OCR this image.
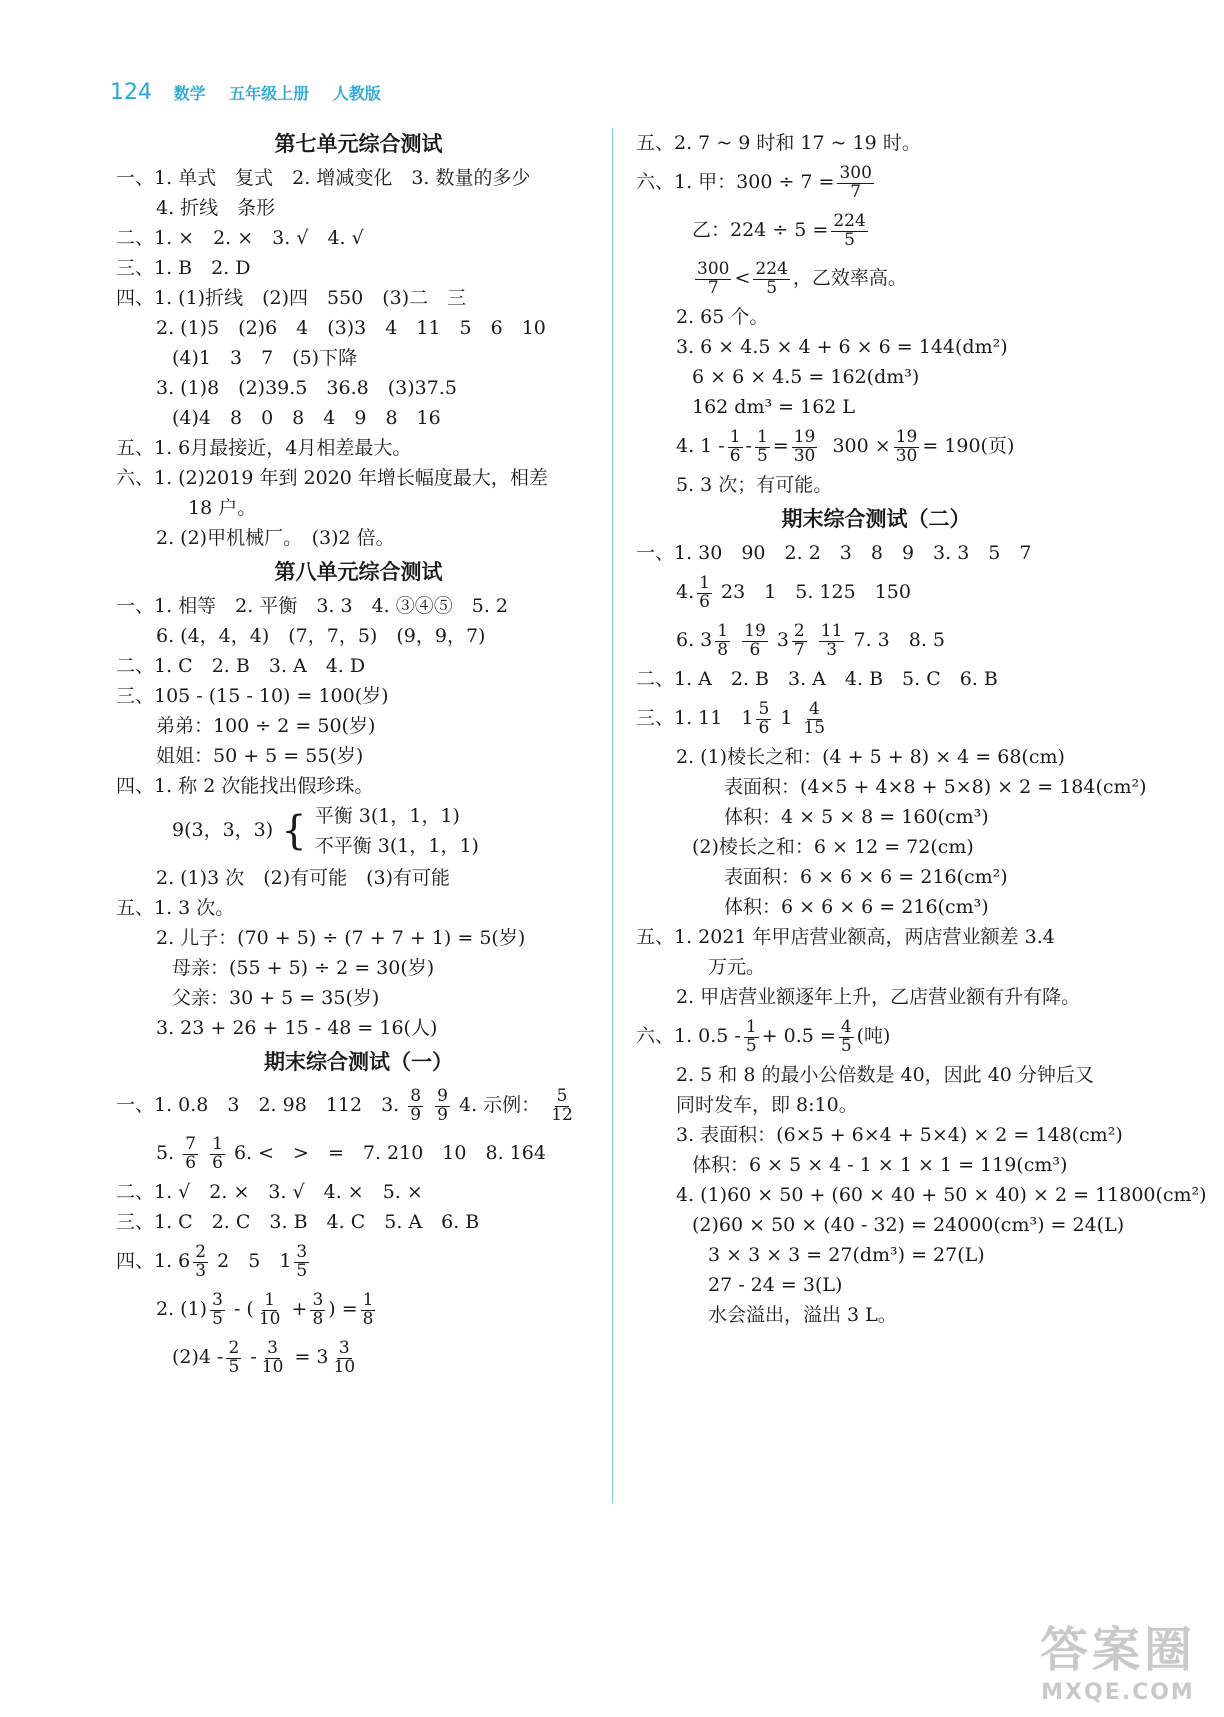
124 数学 五年级上册 人教版
第七单元综合测试
一、1. 单式　复式　2. 增减变化　3. 数量的多少
4. 折线　条形
二、1. ×　2. ×　3. √　4. √
三、1. B　2. D
四、1. (1)折线　(2)四　550　(3)二　三
2. (1)5　(2)6　4　(3)3　4　11　5　6　10
(4)1　3　7　(5)下降
3. (1)8　(2)39.5　36.8　(3)37.5
(4)4　8　0　8　4　9　8　16
五、1. 6月最接近，4月相差最大。
六、1. (2)2019 年到 2020 年增长幅度最大，相差
18 户。
2. (2)甲机械厂。　(3)2 倍。
第八单元综合测试
一、1. 相等　2. 平衡　3. 3　4. ③④⑤　5. 2
6. (4，4，4)　(7，7，5)　(9，9，7)
二、1. C　2. B　3. A　4. D
三、105 - (15 - 10) = 100(岁)
弟弟：100 ÷ 2 = 50(岁)
姐姐：50 + 5 = 55(岁)
四、1. 称 2 次能找出假珍珠。
9(3，3，3) { 平衡 3(1，1，1)
不平衡 3(1，1，1)
2. (1)3 次　(2)有可能　(3)有可能
五、1. 3 次。
2. 儿子：(70 + 5) ÷ (7 + 7 + 1) = 5(岁)
母亲：(55 + 5) ÷ 2 = 30(岁)
父亲：30 + 5 = 35(岁)
3. 23 + 26 + 15 - 48 = 16(人)
期末综合测试（一）
一、1. 0.8　3　2. 98　112　3. $\frac{8}{9}$
$\frac{9}{9} 4$. 示例： $\frac{5}{12}$
5. $\frac{7}{6}$
$\frac{1}{6} 6$. <　>　=　7. 210　10　8. 164
二、1. √　2. ×　3. √　4. ×　5. ×
三、1. C　2. C　3. B　4. C　5. A　6. B
四、1. $6 \frac{2}{3} 2$　5　$1 \frac{3}{5}$
2. $(1) \frac{3}{5}$ - ( $\frac{1}{10} + \frac{3}{8}$ ) = $\frac{1}{8}$
$(2)4 - \frac{2}{5} - \frac{3}{10} = 3 \frac{3}{10}$
五、2. 7 ~ 9 时和 17 ~ 19 时。
六、1. 甲：$300 \div 7 = \frac{300}{7}$
乙：$224 \div 5 = \frac{224}{5}$
$\frac{300}{7} < \frac{224}{5}$ ，乙效率高。
2. 65 个。
3. 6 × 4.5 × 4 + 6 × 6 = 144(dm²)
6 × 6 × 4.5 = 162(dm³)
162 dm³ = 162 L
4. $1 - \frac{1}{6} - \frac{1}{5} = \frac{19}{30} 300 \times \frac{19}{30} = 190$(页)
5. 3 次；有可能。
期末综合测试（二）
一、1. 30　90　2. 2　3　8　9　3. 3　5　7
4. $\frac{1}{6} 23$　1　5. 125　150
6. $3 \frac{1}{8}$
$\frac{19}{6} 3 \frac{2}{7}$
$\frac{11}{3} 7$. 3　8. 5
二、1. A　2. B　3. A　4. B　5. C　6. B
三、1. 11　$1 \frac{5}{6} 1 \frac{4}{15}$
2. (1)棱长之和：(4 + 5 + 8) × 4 = 68(cm)
表面积：(4×5 + 4×8 + 5×8) × 2 = 184(cm²)
体积：4 × 5 × 8 = 160(cm³)
(2)棱长之和：6 × 12 = 72(cm)
表面积：6 × 6 × 6 = 216(cm²)
体积：6 × 6 × 6 = 216(cm³)
五、1. 2021 年甲店营业额高，两店营业额差 3.4
万元。
2. 甲店营业额逐年上升，乙店营业额有升有降。
六、1. $0.5 - \frac{1}{5} + 0.5 = \frac{4}{5}$ (吨)
2. 5 和 8 的最小公倍数是 40，因此 40 分钟后又
同时发车，即 8:10。
3. 表面积：(6×5 + 6×4 + 5×4) × 2 = 148(cm²)
体积：6 × 5 × 4 - 1 × 1 × 1 = 119(cm³)
4. (1)60 × 50 + (60 × 40 + 50 × 40) × 2 = 11800(cm²)
(2)60 × 50 × (40 - 32) = 24000(cm³) = 24(L)
3 × 3 × 3 = 27(dm³) = 27(L)
27 - 24 = 3(L)
水会溢出，溢出 3 L。
答案圈
MXQE.COM
